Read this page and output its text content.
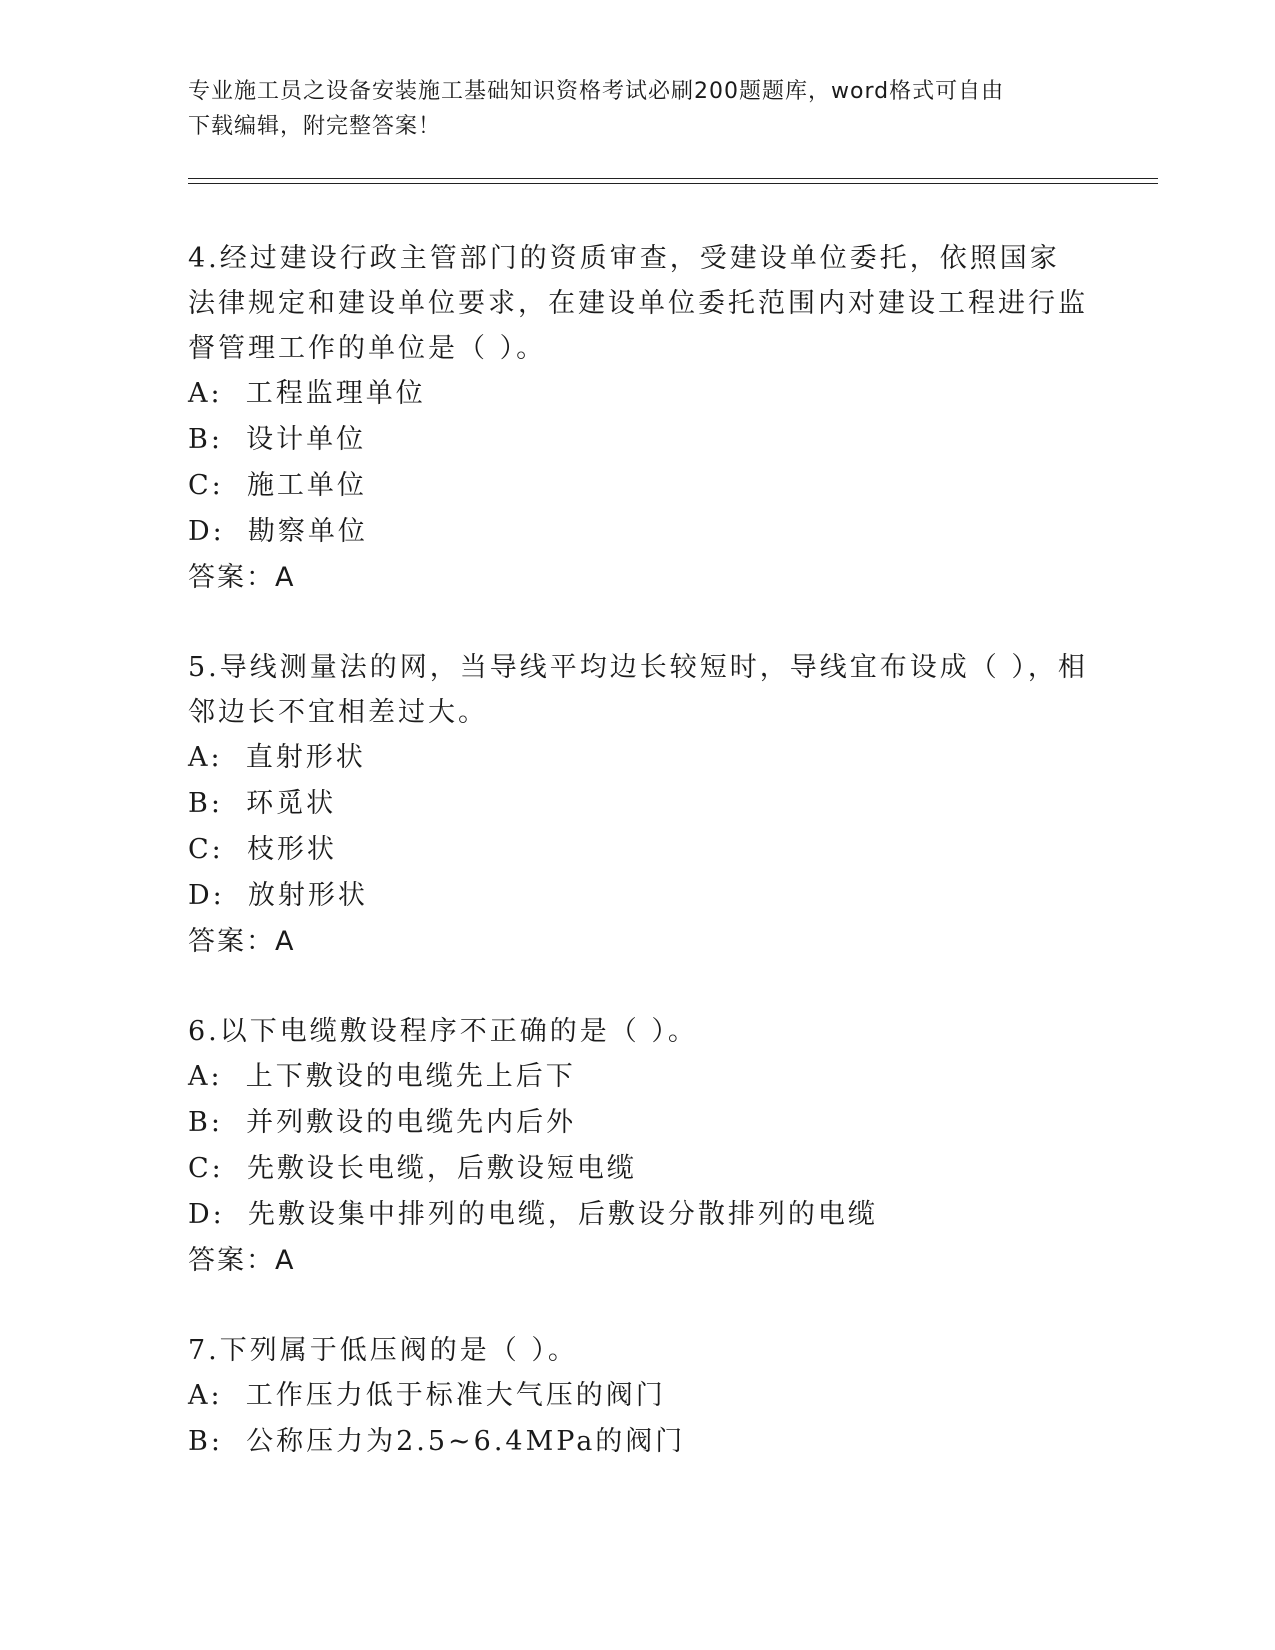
专业施工员之设备安装施工基础知识资格考试必刷200题题库，word格式可自由
下载编辑，附完整答案！
4.经过建设行政主管部门的资质审查，受建设单位委托，依照国家法律规定和建设单位要求，在建设单位委托范围内对建设工程进行监督管理工作的单位是（ ）。
A:  工程监理单位
B:  设计单位
C:  施工单位
D:  勘察单位
答案：A
5.导线测量法的网，当导线平均边长较短时，导线宜布设成（ ），相邻边长不宜相差过大。
A:  直射形状
B:  环觅状
C:  枝形状
D:  放射形状
答案：A
6.以下电缆敷设程序不正确的是（ ）。
A:  上下敷设的电缆先上后下
B:  并列敷设的电缆先内后外
C:  先敷设长电缆，后敷设短电缆
D:  先敷设集中排列的电缆，后敷设分散排列的电缆
答案：A
7.下列属于低压阀的是（ ）。
A:  工作压力低于标准大气压的阀门
B:  公称压力为2.5~6.4MPa的阀门
